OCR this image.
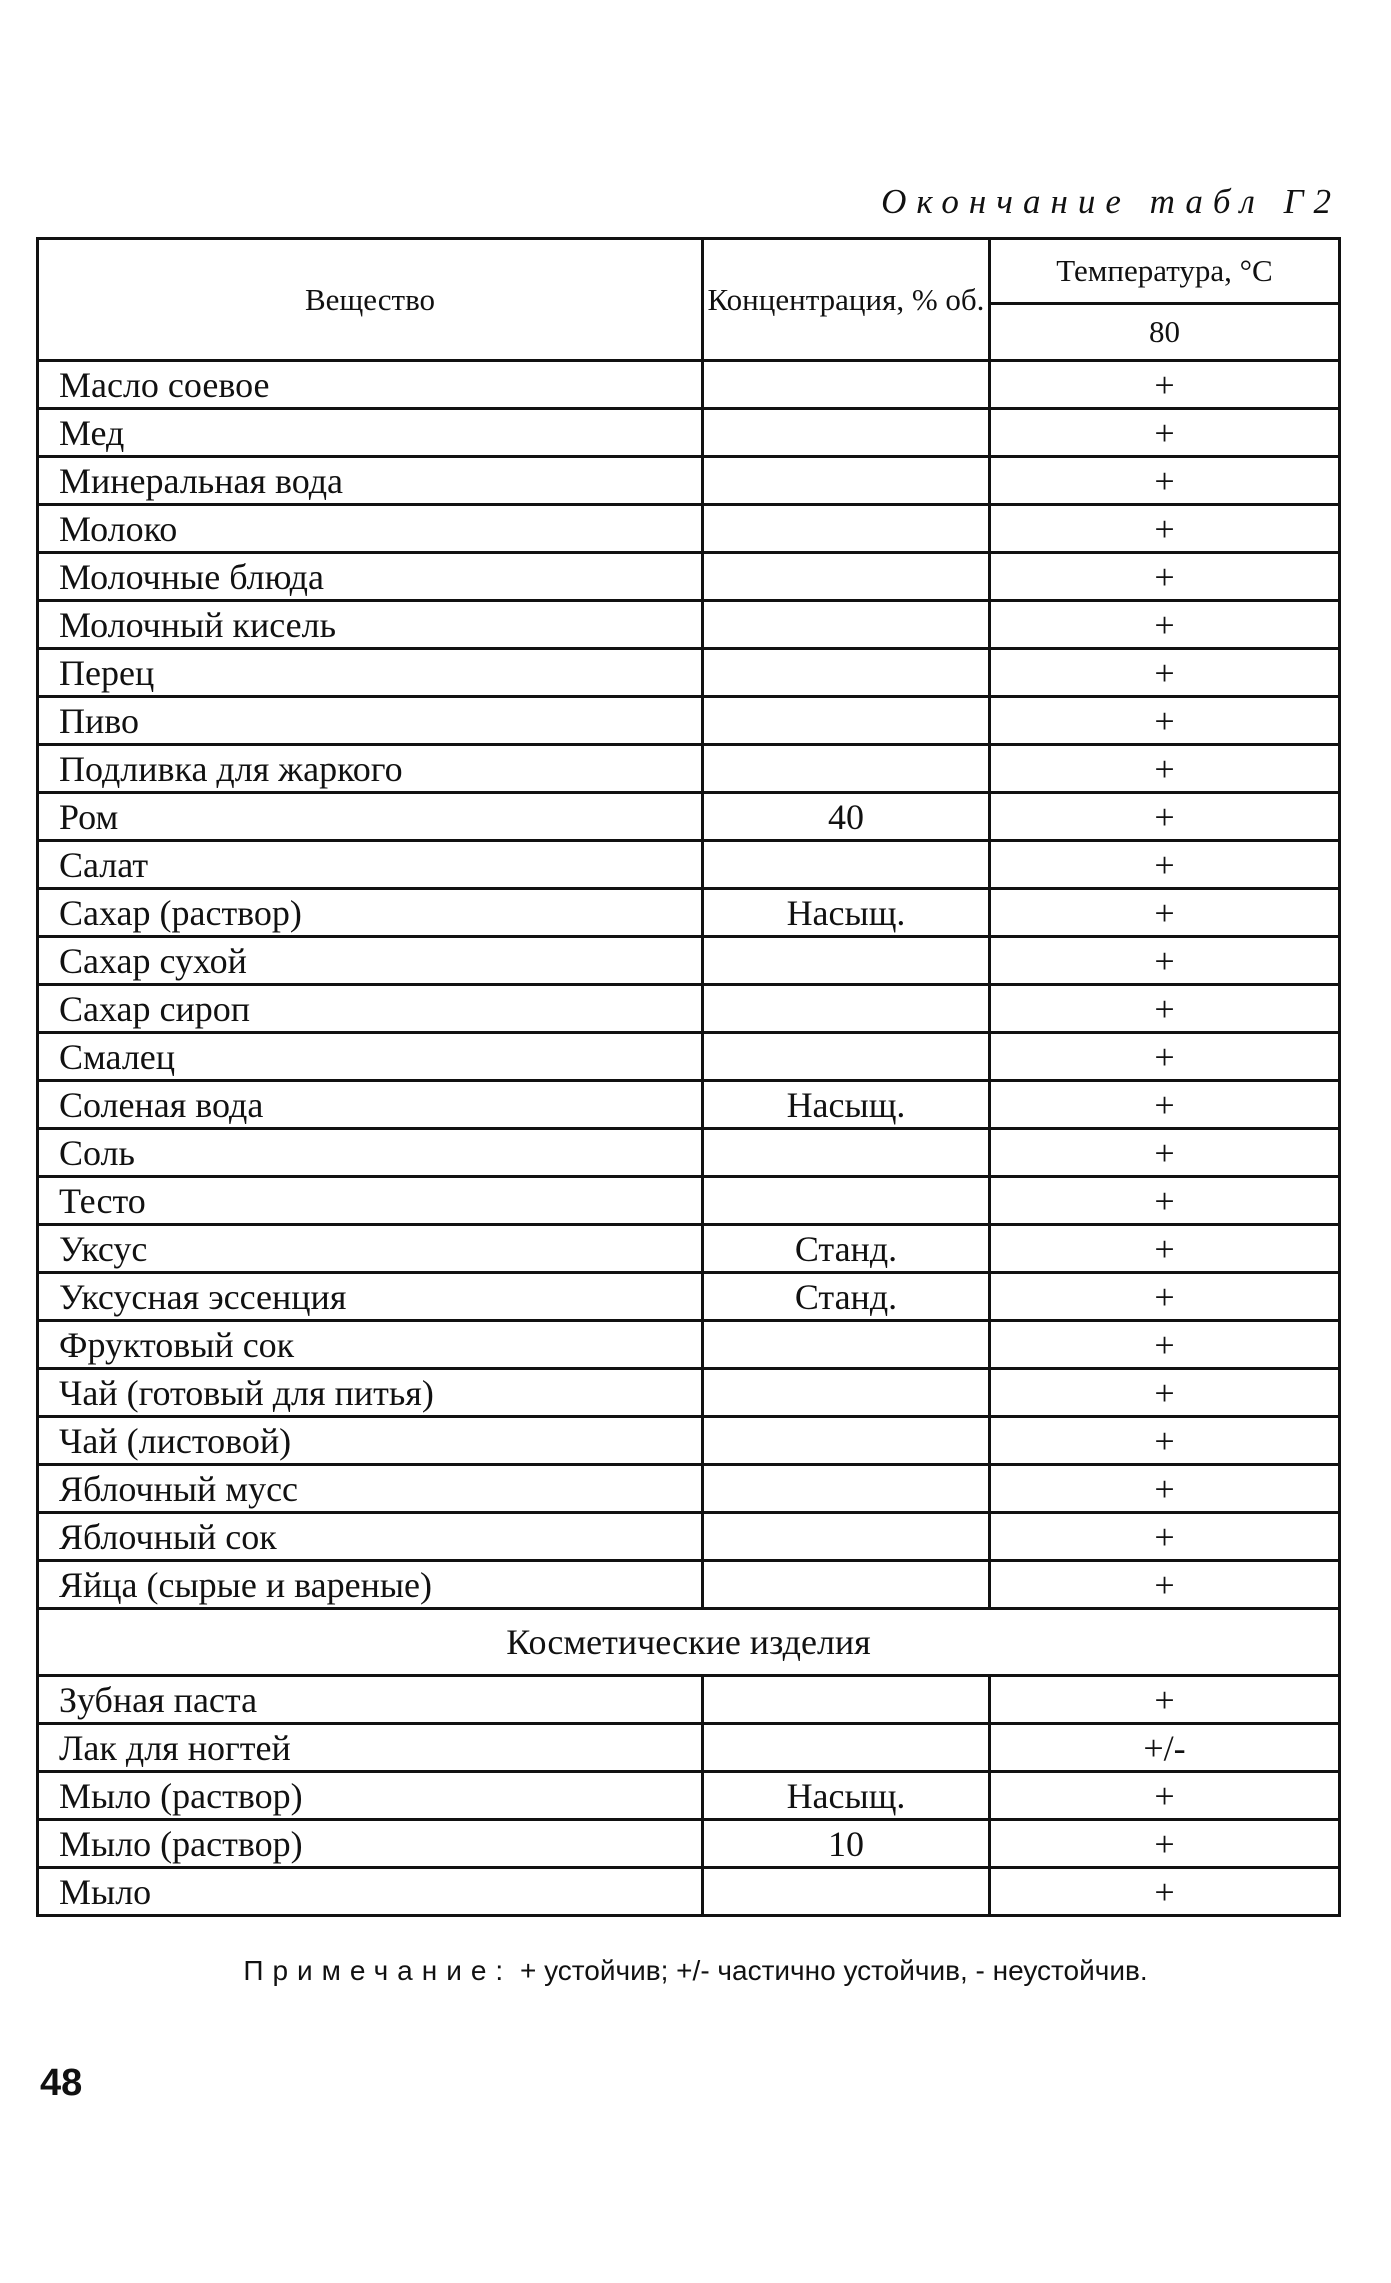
Окончание табл Г2
Вещество	Концентрация, % об.	Температура, °С
		80
Масло соевое		+
Мед		+
Минеральная вода		+
Молоко		+
Молочные блюда		+
Молочный кисель		+
Перец		+
Пиво		+
Подливка для жаркого		+
Ром	40	+
Салат		+
Сахар (раствор)	Насыщ.	+
Сахар сухой		+
Сахар сироп		+
Смалец		+
Соленая вода	Насыщ.	+
Соль		+
Тесто		+
Уксус	Станд.	+
Уксусная эссенция	Станд.	+
Фруктовый сок		+
Чай (готовый для питья)		+
Чай (листовой)		+
Яблочный мусс		+
Яблочный сок		+
Яйца (сырые и вареные)		+
Косметические изделия		
Зубная паста		+
Лак для ногтей		+/-
Мыло (раствор)	Насыщ.	+
Мыло (раствор)	10	+
Мыло		+
Примечание: + устойчив; +/- частично устойчив, - неустойчив.
48
